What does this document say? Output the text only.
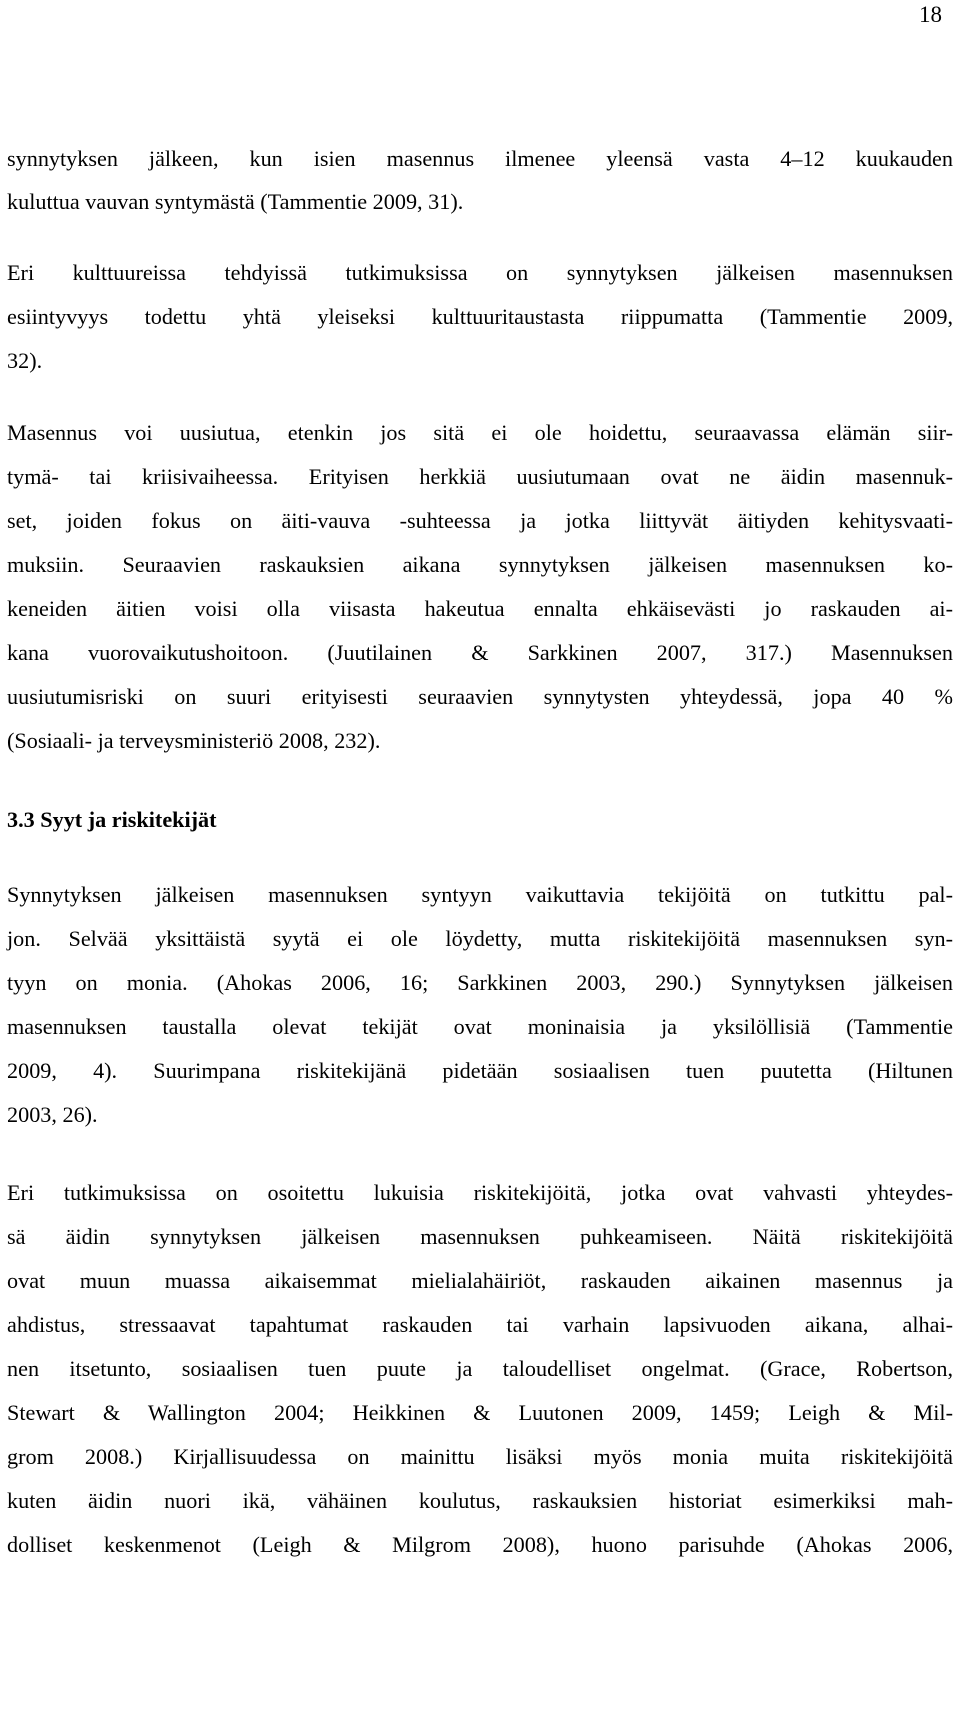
18
synnytyksen jälkeen, kun isien masennus ilmenee yleensä vasta 4–12 kuukauden
kuluttua vauvan syntymästä (Tammentie 2009, 31).
Eri kulttuureissa tehdyissä tutkimuksissa on synnytyksen jälkeisen masennuksen
esiintyvyys todettu yhtä yleiseksi kulttuuritaustasta riippumatta (Tammentie 2009,
32).
Masennus voi uusiutua, etenkin jos sitä ei ole hoidettu, seuraavassa elämän siir-
tymä- tai kriisivaiheessa. Erityisen herkkiä uusiutumaan ovat ne äidin masennuk-
set, joiden fokus on äiti-vauva -suhteessa ja jotka liittyvät äitiyden kehitysvaati-
muksiin. Seuraavien raskauksien aikana synnytyksen jälkeisen masennuksen ko-
keneiden äitien voisi olla viisasta hakeutua ennalta ehkäisevästi jo raskauden ai-
kana vuorovaikutushoitoon. (Juutilainen & Sarkkinen 2007, 317.) Masennuksen
uusiutumisriski on suuri erityisesti seuraavien synnytysten yhteydessä, jopa 40 %
(Sosiaali- ja terveysministeriö 2008, 232).
3.3 Syyt ja riskitekijät
Synnytyksen jälkeisen masennuksen syntyyn vaikuttavia tekijöitä on tutkittu pal-
jon. Selvää yksittäistä syytä ei ole löydetty, mutta riskitekijöitä masennuksen syn-
tyyn on monia. (Ahokas 2006, 16; Sarkkinen 2003, 290.) Synnytyksen jälkeisen
masennuksen taustalla olevat tekijät ovat moninaisia ja yksilöllisiä (Tammentie
2009, 4). Suurimpana riskitekijänä pidetään sosiaalisen tuen puutetta (Hiltunen
2003, 26).
Eri tutkimuksissa on osoitettu lukuisia riskitekijöitä, jotka ovat vahvasti yhteydes-
sä äidin synnytyksen jälkeisen masennuksen puhkeamiseen. Näitä riskitekijöitä
ovat muun muassa aikaisemmat mielialahäiriöt, raskauden aikainen masennus ja
ahdistus, stressaavat tapahtumat raskauden tai varhain lapsivuoden aikana, alhai-
nen itsetunto, sosiaalisen tuen puute ja taloudelliset ongelmat. (Grace, Robertson,
Stewart & Wallington 2004; Heikkinen & Luutonen 2009, 1459; Leigh & Mil-
grom 2008.) Kirjallisuudessa on mainittu lisäksi myös monia muita riskitekijöitä
kuten äidin nuori ikä, vähäinen koulutus, raskauksien historiat esimerkiksi mah-
dolliset keskenmenot (Leigh & Milgrom 2008), huono parisuhde (Ahokas 2006,
